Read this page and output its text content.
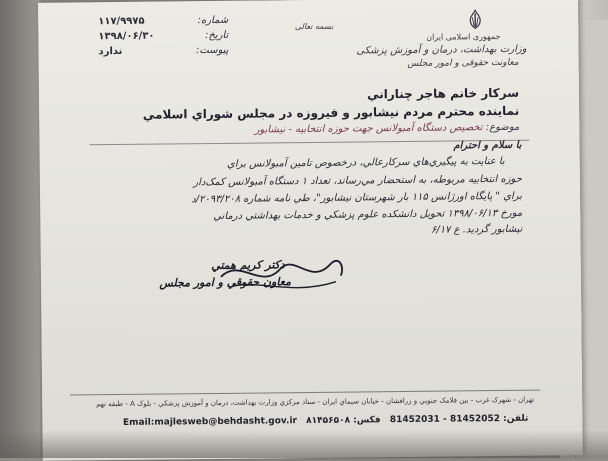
جمهوری اسلامی ایران
وزارت بهداشت، درمان و آموزش پزشکی
معاونت حقوقی و امور مجلس
بسمه تعالی
شماره:
۱۱۷/۹۹۷۵
تاریخ:
۱۳۹۸/۰۶/۳۰
پیوست:
ندارد
سرکار خانم هاجر چناراني
نماينده محترم مردم نيشابور و فيروزه در مجلس شوراي اسلامي
موضوع: تخصیص دستگاه آمبولانس جهت حوزه انتخابیه - نیشابور
با سلام و احترام
با عنايت به پيگيري‌هاي سرکارعالي، درخصوص تامين آمبولانس براي
حوزه انتخابيه مربوطه، به استحضار مي‌رساند، تعداد ۱ دستگاه آمبولانس کمک‌دار
براي " پايگاه اورژانس ۱۱۵ بار شهرستان نيشابور"، طي نامه شماره ۲۰۹۳/۲۰۸/د
مورخ ۱۳۹۸/۰۶/۱۳ تحويل دانشکده علوم پزشکي و خدمات بهداشتي درماني
نيشابور گرديد. ع ۶/۱۷
دکتر کريم همتي
معاون حقوقي و امور مجلس
تهران - شهرک غرب - بين فلامک جنوبي و زرافشان - خيابان سيماي ايران - ستاد مرکزي وزارت بهداشت، درمان و آموزش پزشکي - بلوک A - طبقه نهم
Email:majlesweb@behdasht.gov.ir	تلفن: 81452052 - 81452031 فکس: ۸۱۴۵۶۵۰۸
